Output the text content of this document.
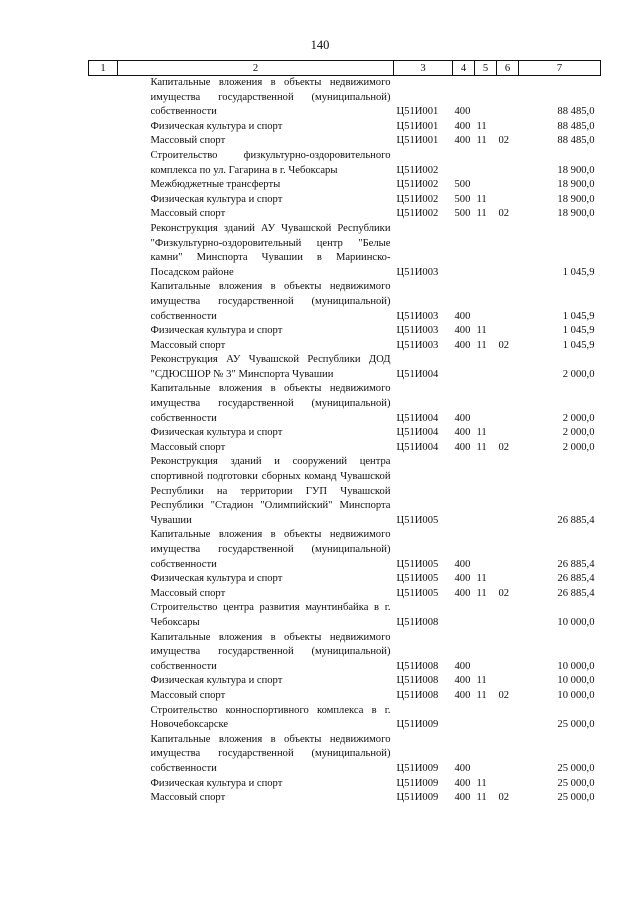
140
1	2	3	4	5	6	7
	Капитальные вложения в объекты недвижимого имущества государственной (муниципальной) собственности	Ц51И001	400			88 485,0
	Физическая культура и спорт	Ц51И001	400	11		88 485,0
	Массовый спорт	Ц51И001	400	11	02	88 485,0
	Строительство физкультурно-оздоровительного комплекса по ул. Гагарина в г. Чебоксары	Ц51И002				18 900,0
	Межбюджетные трансферты	Ц51И002	500			18 900,0
	Физическая культура и спорт	Ц51И002	500	11		18 900,0
	Массовый спорт	Ц51И002	500	11	02	18 900,0
	Реконструкция зданий АУ Чувашской Республики "Физкультурно-оздоровительный центр "Белые камни" Минспорта Чувашии в Мариинско-Посадском районе	Ц51И003				1 045,9
	Капитальные вложения в объекты недвижимого имущества государственной (муниципальной) собственности	Ц51И003	400			1 045,9
	Физическая культура и спорт	Ц51И003	400	11		1 045,9
	Массовый спорт	Ц51И003	400	11	02	1 045,9
	Реконструкция АУ Чувашской Республики ДОД "СДЮСШОР № 3" Минспорта Чувашии	Ц51И004				2 000,0
	Капитальные вложения в объекты недвижимого имущества государственной (муниципальной) собственности	Ц51И004	400			2 000,0
	Физическая культура и спорт	Ц51И004	400	11		2 000,0
	Массовый спорт	Ц51И004	400	11	02	2 000,0
	Реконструкция зданий и сооружений центра спортивной подготовки сборных команд Чувашской Республики на территории ГУП Чувашской Республики "Стадион "Олимпийский" Минспорта Чувашии	Ц51И005				26 885,4
	Капитальные вложения в объекты недвижимого имущества государственной (муниципальной) собственности	Ц51И005	400			26 885,4
	Физическая культура и спорт	Ц51И005	400	11		26 885,4
	Массовый спорт	Ц51И005	400	11	02	26 885,4
	Строительство центра развития маунтинбайка в г. Чебоксары	Ц51И008				10 000,0
	Капитальные вложения в объекты недвижимого имущества государственной (муниципальной) собственности	Ц51И008	400			10 000,0
	Физическая культура и спорт	Ц51И008	400	11		10 000,0
	Массовый спорт	Ц51И008	400	11	02	10 000,0
	Строительство конноспортивного комплекса в г. Новочебоксарске	Ц51И009				25 000,0
	Капитальные вложения в объекты недвижимого имущества государственной (муниципальной) собственности	Ц51И009	400			25 000,0
	Физическая культура и спорт	Ц51И009	400	11		25 000,0
	Массовый спорт	Ц51И009	400	11	02	25 000,0
